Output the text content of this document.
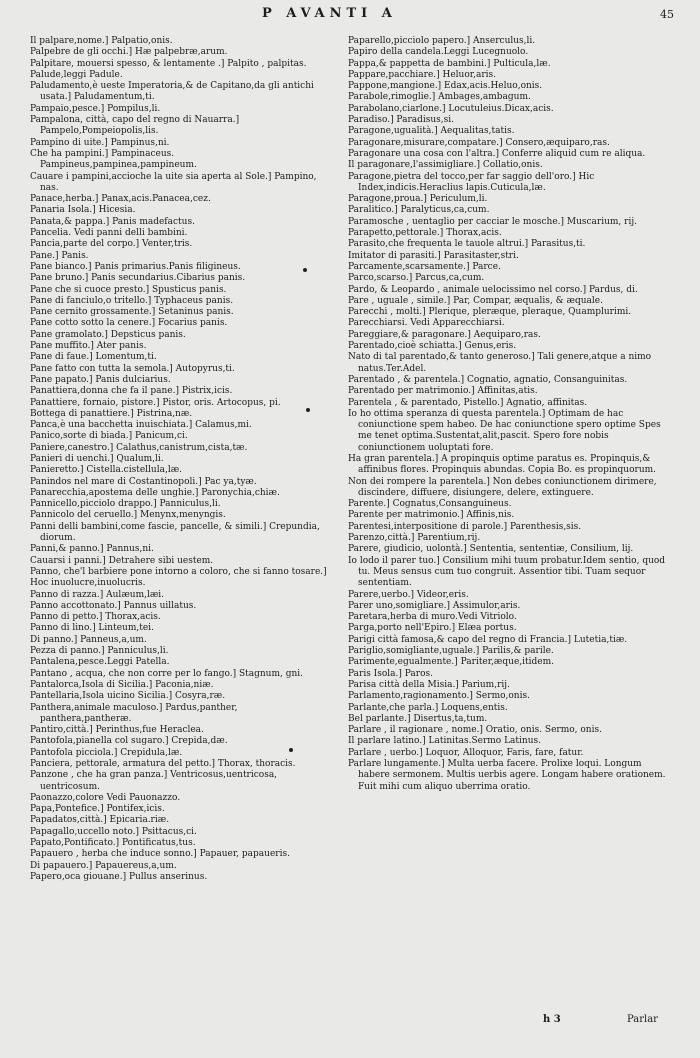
P AVANTI A	45

Il palpare,nome.] Palpatio,onis.

Palpebre de gli occhi.] Hæ palpebræ,arum.

Palpitare, mouersi spesso, & lentamente .] Palpito , palpitas.

Palude,leggi Padule.

Paludamento,è ueste Imperatoria,& de Capitano,da gli antichi usata.] Paludamentum,ti.

Pampaio,pesce.] Pompilus,li.

Pampalona, città, capo del regno di Nauarra.] Pampelo,Pompeiopolis,lis.

Pampino di uite.] Pampinus,ni.

Che ha pampini.] Pampinaceus. Pampineus,pampinea,pampineum.

Cauare i pampini,accioche la uite sia aperta al Sole.] Pampino, nas.

Panace,herba.] Panax,acis.Panacea,cez.

Panaria Isola.] Hicesia.

Panata,& pappa.] Panis madefactus.

Pancelia. Vedi panni delli bambini.

Pancia,parte del corpo.] Venter,tris.

Pane.] Panis.

Pane bianco.] Panis primarius.Panis filigineus.

Pane bruno.] Panis secundarius.Cibarius panis.

Pane che si cuoce presto.] Spusticus panis.

Pane di fanciulo,o tritello.] Typhaceus panis.

Pane cernito grossamente.] Setaninus panis.

Pane cotto sotto la cenere.] Focarius panis.

Pane gramolato.] Depsticus panis.

Pane muffito.] Ater panis.

Pane di faue.] Lomentum,ti.

Pane fatto con tutta la semola.] Autopyrus,ti.

Pane papato.] Panis dulciarius.

Panattiera,donna che fa il pane.] Pistrix,icis.

Panattiere, fornaio, pistore.] Pistor, oris. Artocopus, pi.

Bottega di panattiere.] Pistrina,næ.

Panca,è una bacchetta inuischiata.] Calamus,mi.

Panico,sorte di biada.] Panicum,ci.

Paniere,canestro.] Calathus,canistrum,cista,tæ.

Panieri di uenchi.] Qualum,li.

Panieretto.] Cistella.cistellula,læ.

Panindos nel mare di Costantinopoli.] Pac ya,tyæ.

Panarecchia,apostema delle unghie.] Paronychia,chiæ.

Pannicello,picciolo drappo.] Panniculus,li.

Pannicolo del ceruello.] Menynx,menyngis.

Panni delli bambini,come fascie, pancelle, & simili.] Crepundia, diorum.

Panni,& panno.] Pannus,ni.

Cauarsi i panni.] Detrahere sibi uestem.

Panno, che'l barbiere pone intorno a coloro, che si fanno tosare.]

Hoc inuolucre,inuolucris.

Panno di razza.] Aulæum,læi.

Panno accottonato.] Pannus uillatus.

Panno di petto.] Thorax,acis.

Panno di lino.] Linteum,tei.

Di panno.] Panneus,a,um.

Pezza di panno.] Panniculus,li.

Pantalena,pesce.Leggi Patella.

Pantano , acqua, che non corre per lo fango.] Stagnum, gni.

Pantalorca,Isola di Sicilia.] Paconia,niæ.

Pantellaria,Isola uicino Sicilia.] Cosyra,ræ.

Panthera,animale maculoso.] Pardus,panther, panthera,pantheræ.

Pantiro,città.] Perinthus,fue Heraclea.

Pantofola,pianella col sugaro.] Crepida,dæ.

Pantofola picciola.] Crepidula,læ.

Panciera, pettorale, armatura del petto.] Thorax, thoracis.

Panzone , che ha gran panza.] Ventricosus,uentricosa, uentricosum.

Paonazzo,colore Vedi Pauonazzo.

Papa,Pontefice.] Pontifex,icis.

Papadatos,città.] Epicaria.riæ.

Papagallo,uccello noto.] Psittacus,ci.

Papato,Pontificato.] Pontificatus,tus.

Papauero , herba che induce sonno.] Papauer, papaueris.

Di papauero.] Papauereus,a,um.

Papero,oca giouane.] Pullus anserinus.

Paparello,picciolo papero.] Anserculus,li.

Papiro della candela.Leggi Lucegnuolo.

Pappa,& pappetta de bambini.] Pulticula,læ.

Pappare,pacchiare.] Heluor,aris.

Pappone,mangione.] Edax,acis.Heluo,onis.

Parabole,rimoglie.] Ambages,ambagum.

Parabolano,ciarlone.] Locutuleius.Dicax,acis.

Paradiso.] Paradisus,si.

Paragone,ugualità.] Aequalitas,tatis.

Paragonare,misurare,compatare.] Consero,æquiparo,ras.

Paragonare una cosa con l'altra.] Conferre aliquid cum re aliqua.

Il paragonare,l'assimigliare.] Collatio,onis.

Paragone,pietra del tocco,per far saggio dell'oro.] Hic Index,indicis.Heraclius lapis.Cuticula,læ.

Paragone,proua.] Periculum,li.

Paralitico.] Paralyticus,ca,cum.

Paramosche , uentaglio per cacciar le mosche.] Muscarium, rij.

Parapetto,pettorale.] Thorax,acis.

Parasito,che frequenta le tauole altrui.] Parasitus,ti.

Imitator di parasiti.] Parasitaster,stri.

Parcamente,scarsamente.] Parce.

Parco,scarso.] Parcus,ca,cum.

Pardo, & Leopardo , animale uelocissimo nel corso.] Pardus, di.

Pare , uguale , simile.] Par, Compar, æqualis, & æquale.

Parecchi , molti.] Plerique, pleræque, pleraque, Quamplurimi.

Parecchiarsi. Vedi Apparecchiarsi.

Pareggiare,& paragonare.] Aequiparo,ras.

Parentado,cioè schiatta.] Genus,eris.

Nato di tal parentado,& tanto generoso.] Tali genere,atque a nimo natus.Ter.Adel.

Parentado , & parentela.] Cognatio, agnatio, Consanguinitas.

Parentado per matrimonio.] Affinitas,atis.

Parentela , & parentado, Pistello.] Agnatio, affinitas.

Io ho ottima speranza di questa parentela.] Optimam de hac coniunctione spem habeo. De hac coniunctione spero optime Spes me tenet optima.Sustentat,alit,pascit. Spero fore nobis coniunctionem uoluptati fore.

Ha gran parentela.] A propinquis optime paratus es. Propinquis,& affinibus flores. Propinquis abundas. Copia Bo. es propinquorum.

Non dei rompere la parentela.] Non debes coniunctionem dirimere, discindere, diffuere, disiungere, delere, extinguere.

Parente.] Cognatus,Consanguineus.

Parente per matrimonio.] Affinis,nis.

Parentesi,interpositione di parole.] Parenthesis,sis.

Parenzo,città.] Parentium,rij.

Parere, giudicio, uolontà.] Sententia, sententiæ, Consilium, lij.

Io lodo il parer tuo.] Consilium mihi tuum probatur.Idem sentio, quod tu. Meus sensus cum tuo congruit. Assentior tibi. Tuam sequor sententiam.

Parere,uerbo.] Videor,eris.

Parer uno,somigliare.] Assimulor,aris.

Paretara,herba di muro.Vedi Vitriolo.

Parga,porto nell'Epiro.] Elæa portus.

Parigi città famosa,& capo del regno di Francia.] Lutetia,tiæ.

Pariglio,somigliante,uguale.] Parilis,& parile.

Parimente,egualmente.] Pariter,æque,itidem.

Paris Isola.] Paros.

Parisa città della Misia.] Parium,rij.

Parlamento,ragionamento.] Sermo,onis.

Parlante,che parla.] Loquens,entis.

Bel parlante.] Disertus,ta,tum.

Parlare , il ragionare , nome.] Oratio, onis. Sermo, onis.

Il parlare latino.] Latinitas.Sermo Latinus.

Parlare , uerbo.] Loquor, Alloquor, Faris, fare, fatur.

Parlare lungamente.] Multa uerba facere. Prolixe loqui. Longum habere sermonem. Multis uerbis agere. Longam habere orationem. Fuit mihi cum aliquo uberrima oratio.

h 3	Parlar
